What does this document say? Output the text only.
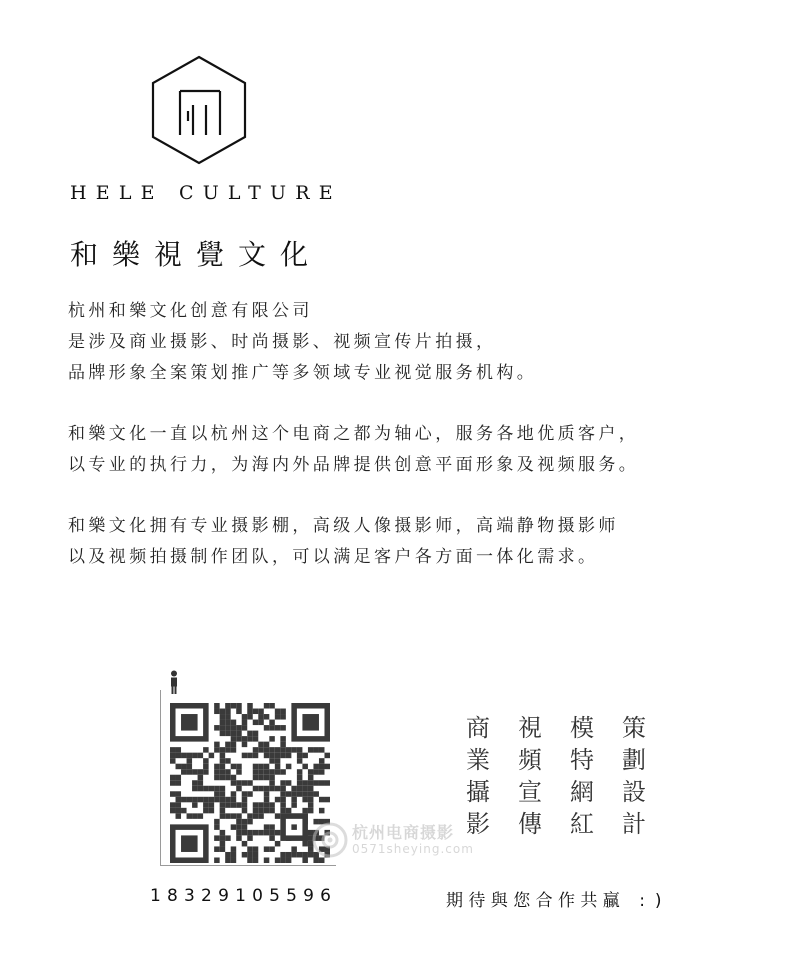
HELE CULTURE
和樂視覺文化

杭州和樂文化创意有限公司
是涉及商业摄影、时尚摄影、视频宣传片拍摄，
品牌形象全案策划推广等多领域专业视觉服务机构。

和樂文化一直以杭州这个电商之都为轴心，服务各地优质客户，
以专业的执行力，为海内外品牌提供创意平面形象及视频服务。

和樂文化拥有专业摄影棚，高级人像摄影师，高端静物摄影师
以及视频拍摄制作团队，可以满足客户各方面一体化需求。

杭州电商摄影
0571sheying.com
商	視	模	策
業	頻	特	劃
攝	宣	網	設
影	傳	紅	計
18329105596	期待與您合作共贏 :)
